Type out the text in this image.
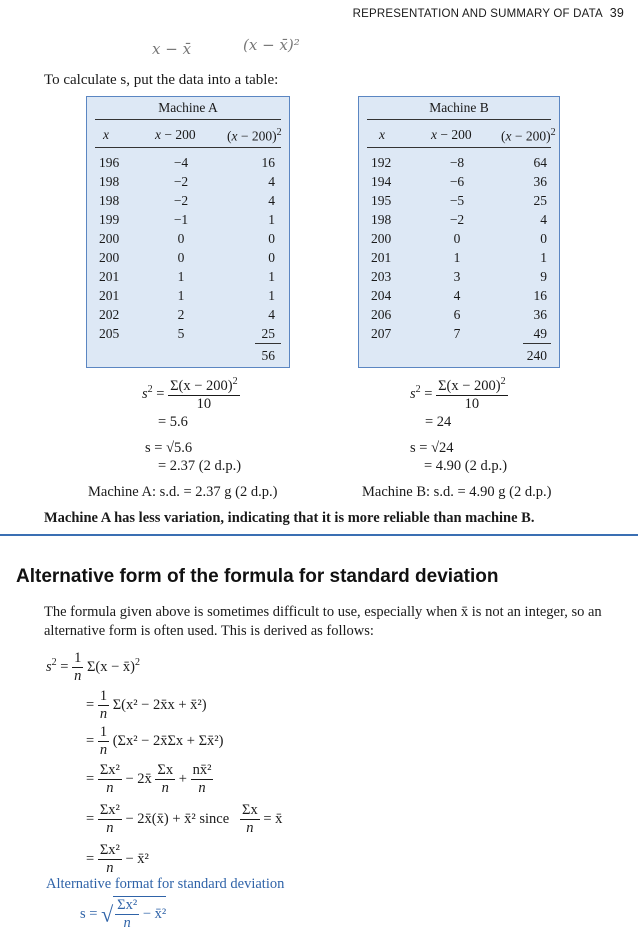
REPRESENTATION AND SUMMARY OF DATA 39
x − x̄	(x − x̄)²
To calculate s, put the data into a table:
Machine A
x	x − 200 $(x - 200)^2$
196	−4	16
198	−2	4
198	−2	4
199	−1	1
200	0	0
200	0	0
201	1	1
201	1	1
202	2	4
205	5	25
56
Machine B
x	x − 200 $(x - 200)^2$
192	−8	64
194	−6	36
195	−5	25
198	−2	4
200	0	0
201	1	1
203	3	9
204	4	16
206	6	36
207	7	49
240
$s^2 = \frac{\Sigma(x - 200)^2}{10}$
= 5.6
s = √5.6
= 2.37 (2 d.p.)
Machine A: s.d. = 2.37 g (2 d.p.)
$s^2 = \frac{\Sigma(x - 200)^2}{10}$
= 24
s = √24
= 4.90 (2 d.p.)
Machine B: s.d. = 4.90 g (2 d.p.)
Machine A has less variation, indicating that it is more reliable than machine B.
Alternative form of the formula for standard deviation
The formula given above is sometimes difficult to use, especially when x̄ is not an integer, so an alternative form is often used. This is derived as follows:
$s^2 = \frac{1}{n} \Sigma(x$ − x̄)$^2$
= $\frac{1}{n} \Sigma(x^2$ − 2x̄x + x̄²)
= $\frac{1}{n} (\Sigma x^2$ − 2x̄Σx + Σx̄²)
= $\frac{\text{Σx²}}{n}$ − 2x̄ $\frac{\Sigma x}{n} + \frac{\text{nx̄²}}{n}$
= $\frac{\text{Σx²}}{n}$ − 2x̄(x̄) + x̄² since $\frac{\Sigma x}{n}$ = x̄
= $\frac{\text{Σx²}}{n}$ − x̄²
Alternative format for standard deviation
s = √ $\frac{\text{Σx²}}{n}$ − x̄²
